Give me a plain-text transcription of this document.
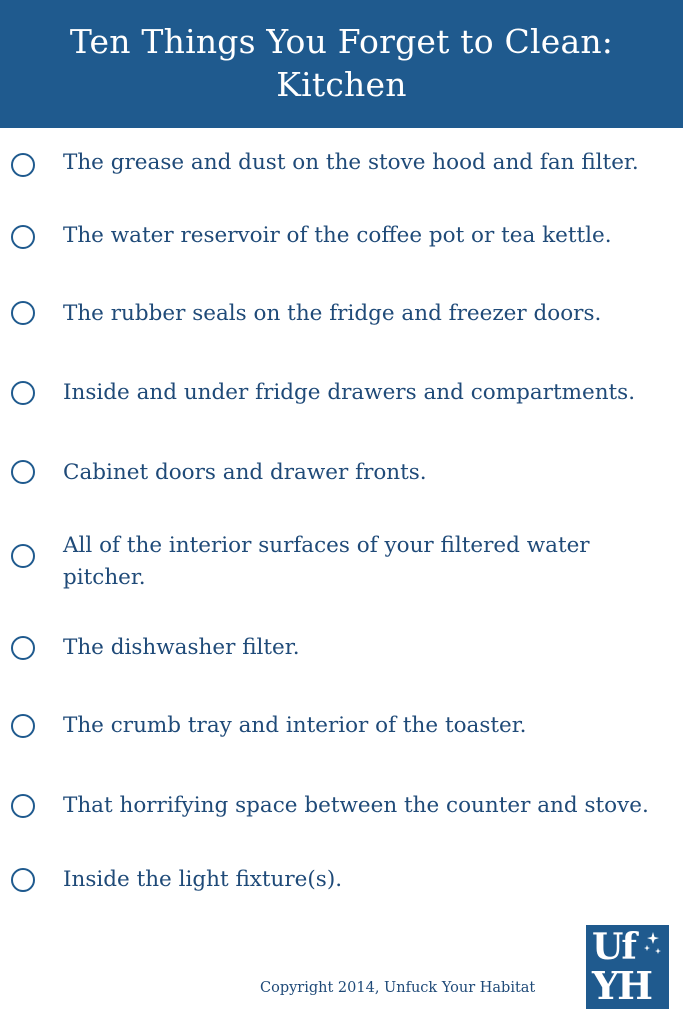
Ten Things You Forget to Clean:
Kitchen
The grease and dust on the stove hood and fan filter.
The water reservoir of the coffee pot or tea kettle.
The rubber seals on the fridge and freezer doors.
Inside and under fridge drawers and compartments.
Cabinet doors and drawer fronts.
All of the interior surfaces of your filtered water pitcher.
The dishwasher filter.
The crumb tray and interior of the toaster.
That horrifying space between the counter and stove.
Inside the light fixture(s).
Copyright 2014, Unfuck Your Habitat
Uf
YH
